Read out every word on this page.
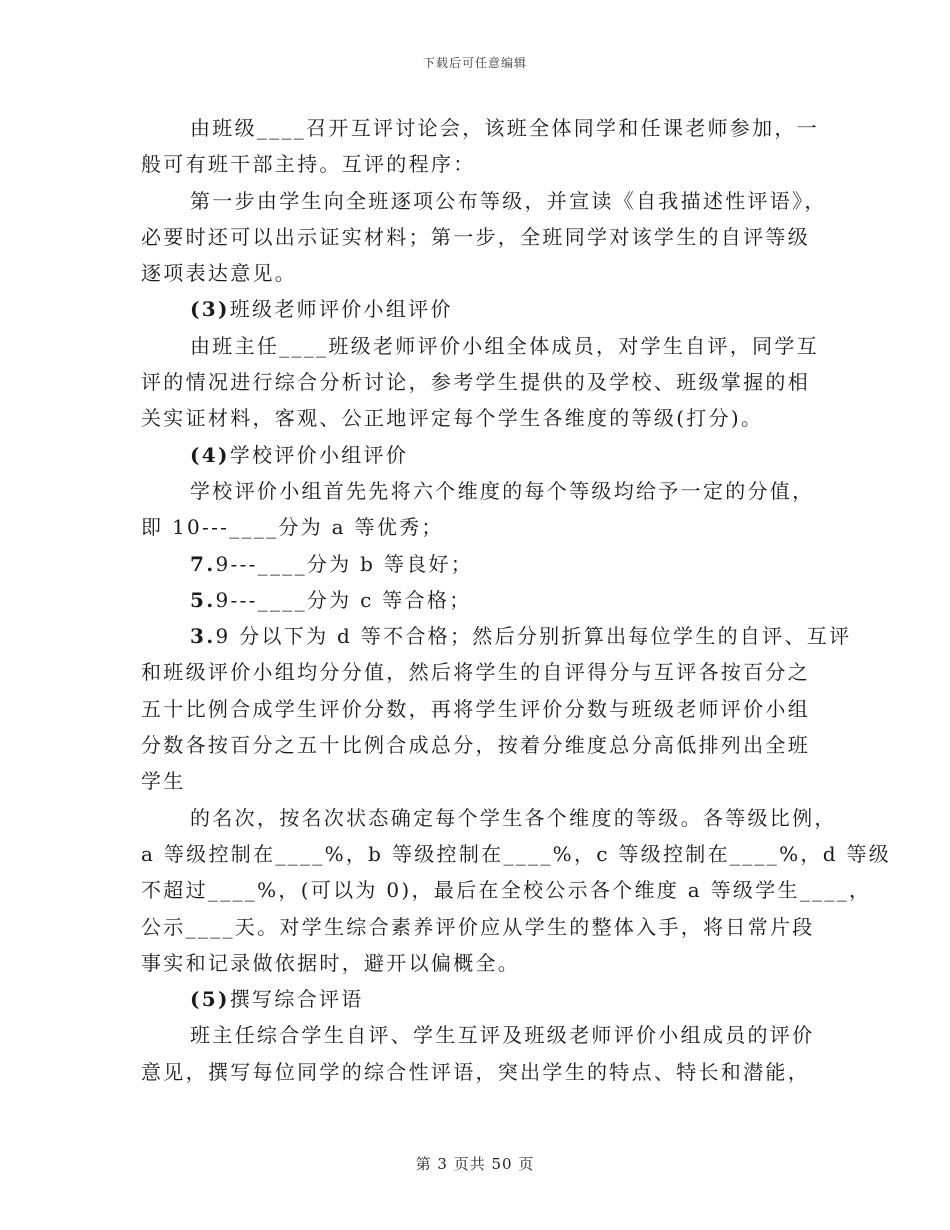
下载后可任意编辑
由班级____召开互评讨论会，该班全体同学和任课老师参加，一
般可有班干部主持。互评的程序：
第一步由学生向全班逐项公布等级，并宣读《自我描述性评语》，
必要时还可以出示证实材料；第一步，全班同学对该学生的自评等级
逐项表达意见。
(3)班级老师评价小组评价
由班主任____班级老师评价小组全体成员，对学生自评，同学互
评的情况进行综合分析讨论，参考学生提供的及学校、班级掌握的相
关实证材料，客观、公正地评定每个学生各维度的等级(打分)。
(4)学校评价小组评价
学校评价小组首先先将六个维度的每个等级均给予一定的分值，
即 10---____分为 a 等优秀；
7.9---____分为 b 等良好；
5.9---____分为 c 等合格；
3.9 分以下为 d 等不合格；然后分别折算出每位学生的自评、互评
和班级评价小组均分分值，然后将学生的自评得分与互评各按百分之
五十比例合成学生评价分数，再将学生评价分数与班级老师评价小组
分数各按百分之五十比例合成总分，按着分维度总分高低排列出全班
学生
的名次，按名次状态确定每个学生各个维度的等级。各等级比例，
a 等级控制在____%，b 等级控制在____%，c 等级控制在____%，d 等级
不超过____%，(可以为 0)，最后在全校公示各个维度 a 等级学生____，
公示____天。对学生综合素养评价应从学生的整体入手，将日常片段
事实和记录做依据时，避开以偏概全。
(5)撰写综合评语
班主任综合学生自评、学生互评及班级老师评价小组成员的评价
意见，撰写每位同学的综合性评语，突出学生的特点、特长和潜能，
第 3 页共 50 页
